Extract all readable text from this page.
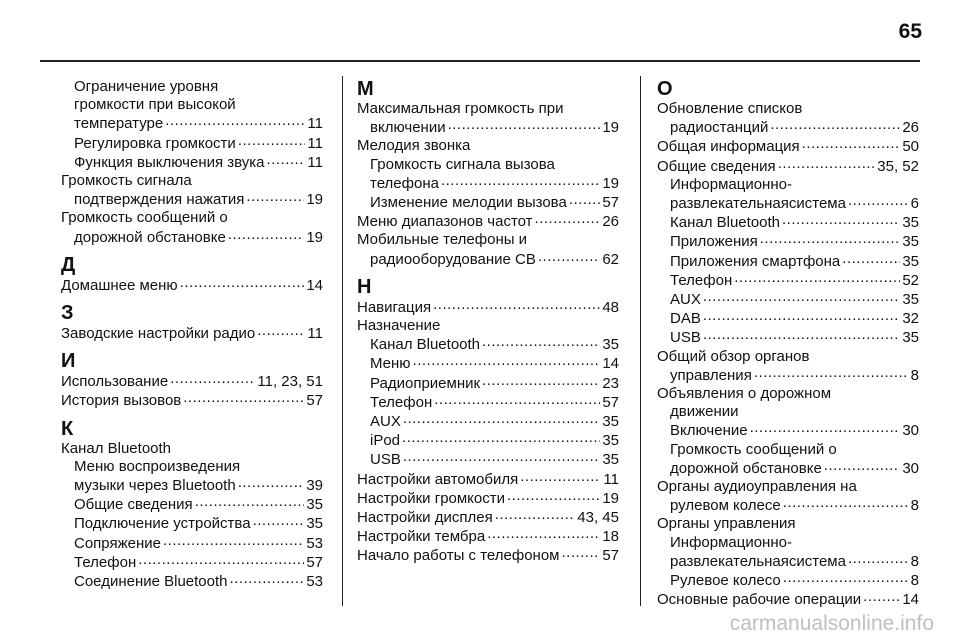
65
Ограничение уровня
громкости при высокой
температуре .....	11
Регулировка громкости .....	11
Функция выключения звука .....	11
Громкость сигнала
подтверждения нажатия .....	19
Громкость сообщений о
дорожной обстановке .....	19
Д
Домашнее меню .....	14
З
Заводские настройки радио .....	11
И
Использование .....	11, 23, 51
История вызовов .....	57
К
Канал Bluetooth
Меню воспроизведения
музыки через Bluetooth .....	39
Общие сведения .....	35
Подключение устройства .....	35
Сопряжение .....	53
Телефон .....	57
Соединение Bluetooth .....	53
М
Максимальная громкость при
включении .....	19
Мелодия звонка
Громкость сигнала вызова
телефона .....	19
Изменение мелодии вызова ..... 57
Меню диапазонов частот .....	26
Мобильные телефоны и
радиооборудование CB .....	62
Н
Навигация .....	48
Назначение
Канал Bluetooth .....	35
Меню .....	14
Радиоприемник .....	23
Телефон .....	57
AUX .....	35
iPod .....	35
USB .....	35
Настройки автомобиля .....	11
Настройки громкости .....	19
Настройки дисплея .....	43, 45
Настройки тембра .....	18
Начало работы с телефоном .....	57
О
Обновление списков
радиостанций .....	26
Общая информация .....	50
Общие сведения .....	35, 52
Информационно-
развлекательнаясистема .....	6
Канал Bluetooth .....	35
Приложения .....	35
Приложения смартфона .....	35
Телефон .....	52
AUX .....	35
DAB .....	32
USB .....	35
Общий обзор органов
управления .....	8
Объявления о дорожном
движении
Включение .....	30
Громкость сообщений о
дорожной обстановке .....	30
Органы аудиоуправления на
рулевом колесе .....	8
Органы управления
Информационно-
развлекательнаясистема .....	8
Рулевое колесо .....	8
Основные рабочие операции .....	14
carmanualsonline.info
